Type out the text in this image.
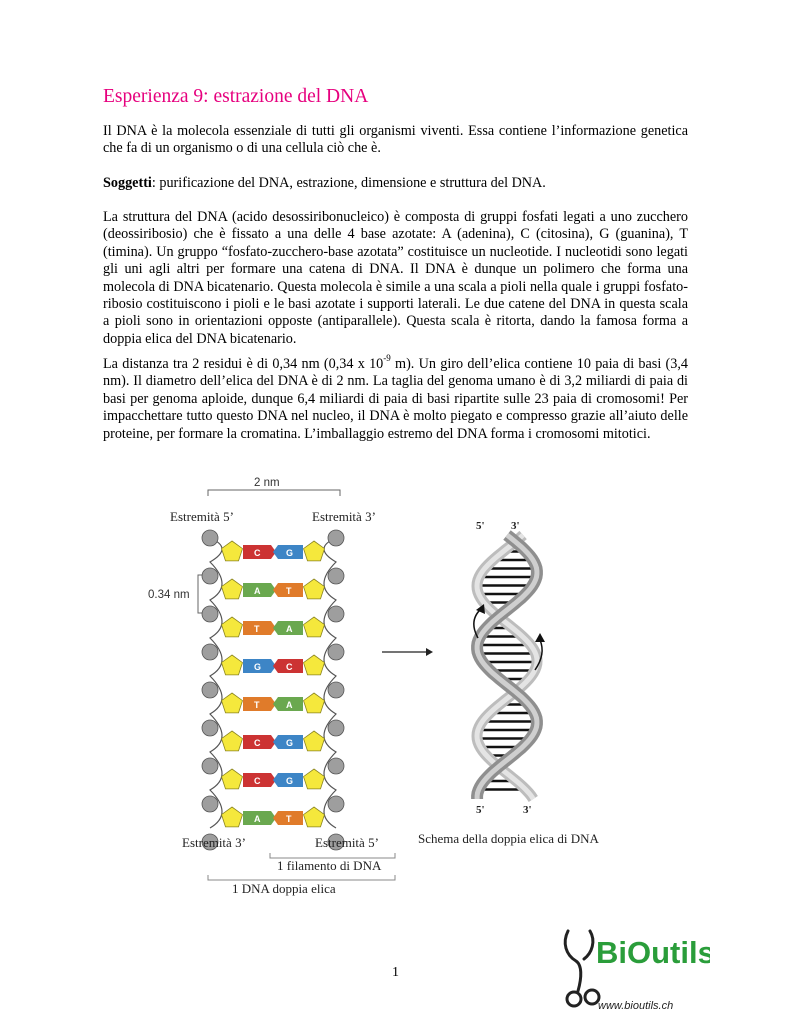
Esperienza 9: estrazione del DNA

Il DNA è la molecola essenziale di tutti gli organismi viventi. Essa contiene l’informazione genetica che fa di un organismo o di una cellula ciò che è.

Soggetti: purificazione del DNA, estrazione, dimensione e struttura del DNA.

La struttura del DNA (acido desossiribonucleico) è composta di gruppi fosfati legati a uno zucchero (deossiribosio) che è fissato a una delle 4 base azotate: A (adenina), C (citosina), G (guanina), T (timina). Un gruppo “fosfato-zucchero-base azotata” costituisce un nucleotide. I nucleotidi sono legati gli uni agli altri per formare una catena di DNA. Il DNA è dunque un polimero che forma una molecola di DNA bicatenario. Questa molecola è simile a una scala a pioli nella quale i gruppi fosfato-ribosio costituiscono i pioli e le basi azotate i supporti laterali. Le due catene del DNA in questa scala a pioli sono in orientazioni opposte (antiparallele). Questa scala è ritorta, dando la famosa forma a doppia elica del DNA bicatenario.

La distanza tra 2 residui è di 0,34 nm (0,34 x $10^{-9}$ m). Un giro dell’elica contiene 10 paia di basi (3,4 nm). Il diametro dell’elica del DNA è di 2 nm. La taglia del genoma umano è di 3,2 miliardi di paia di basi per genoma aploide, dunque 6,4 miliardi di paia di basi ripartite sulle 23 paia di cromosomi! Per impacchettare tutto questo DNA nel nucleo, il DNA è molto piegato e compresso grazie all’aiuto delle proteine, per formare la cromatina. L’imballaggio estremo del DNA forma i cromosomi mitotici.

2 nm
Estremità 5’	Estremità 3’
0.34 nm
C	G
A	T
T	A
G	C
T	A
C	G
C	G
A	T
Estremità 3’	Estremità 5’
1 filamento di DNA
1 DNA doppia elica
5' 3'
5'	3'
Schema della doppia elica di DNA
1
BiOutils
www.bioutils.ch
